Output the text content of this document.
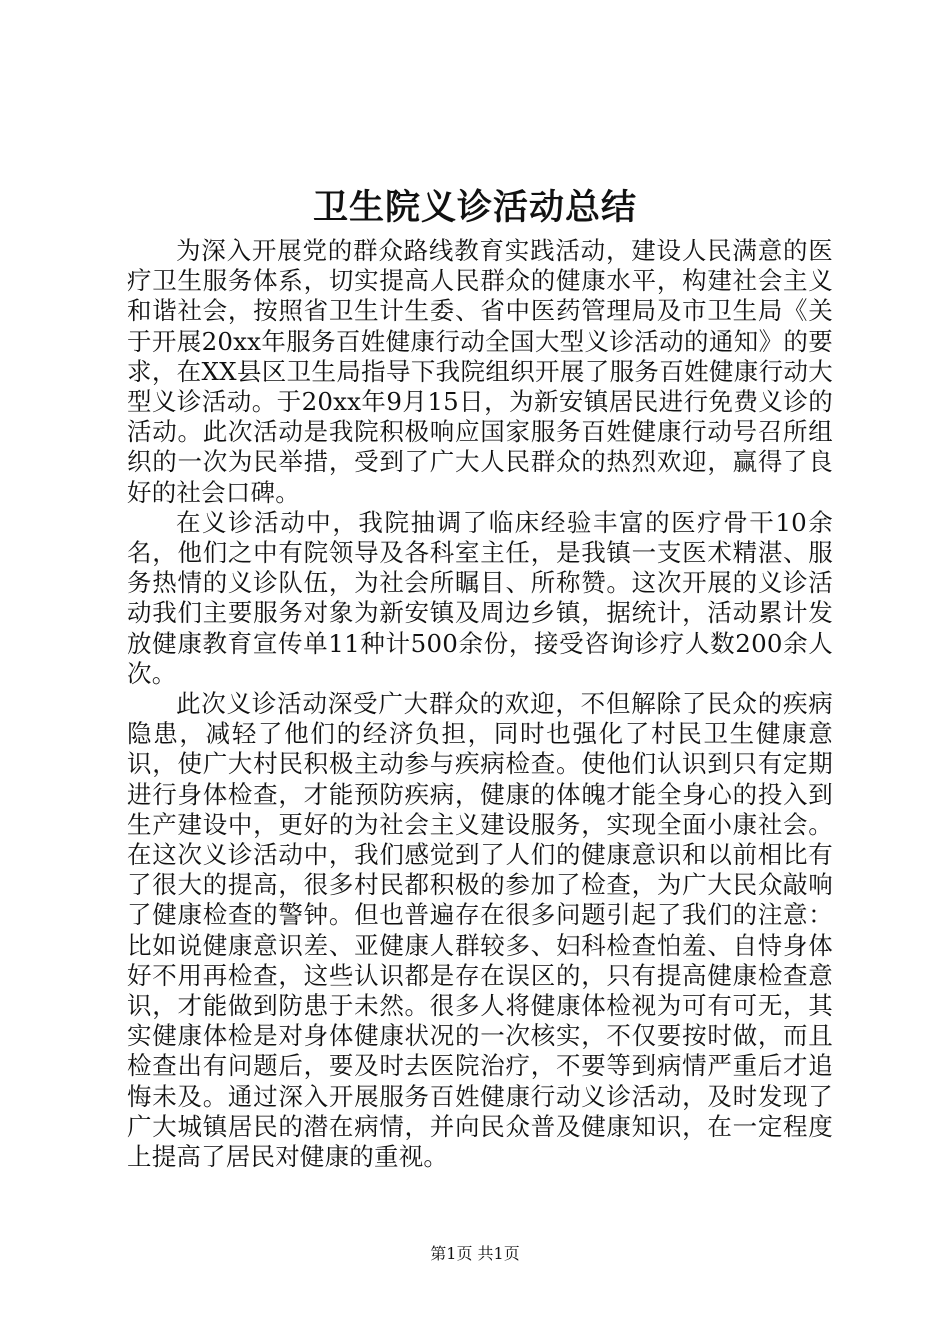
卫生院义诊活动总结

为深入开展党的群众路线教育实践活动，建设人民满意的医疗卫生服务体系，切实提高人民群众的健康水平，构建社会主义和谐社会，按照省卫生计生委、省中医药管理局及市卫生局《关于开展20xx年服务百姓健康行动全国大型义诊活动的通知》的要求，在XX县区卫生局指导下我院组织开展了服务百姓健康行动大型义诊活动。于20xx年9月15日，为新安镇居民进行免费义诊的活动。此次活动是我院积极响应国家服务百姓健康行动号召所组织的一次为民举措，受到了广大人民群众的热烈欢迎，赢得了良好的社会口碑。

在义诊活动中，我院抽调了临床经验丰富的医疗骨干10余名，他们之中有院领导及各科室主任，是我镇一支医术精湛、服务热情的义诊队伍，为社会所瞩目、所称赞。这次开展的义诊活动我们主要服务对象为新安镇及周边乡镇，据统计，活动累计发放健康教育宣传单11种计500余份，接受咨询诊疗人数200余人次。

此次义诊活动深受广大群众的欢迎，不但解除了民众的疾病隐患，减轻了他们的经济负担，同时也强化了村民卫生健康意识，使广大村民积极主动参与疾病检查。使他们认识到只有定期进行身体检查，才能预防疾病，健康的体魄才能全身心的投入到生产建设中，更好的为社会主义建设服务，实现全面小康社会。在这次义诊活动中，我们感觉到了人们的健康意识和以前相比有了很大的提高，很多村民都积极的参加了检查，为广大民众敲响了健康检查的警钟。但也普遍存在很多问题引起了我们的注意：比如说健康意识差、亚健康人群较多、妇科检查怕羞、自恃身体好不用再检查，这些认识都是存在误区的，只有提高健康检查意识，才能做到防患于未然。很多人将健康体检视为可有可无，其实健康体检是对身体健康状况的一次核实，不仅要按时做，而且检查出有问题后，要及时去医院治疗，不要等到病情严重后才追悔未及。通过深入开展服务百姓健康行动义诊活动，及时发现了广大城镇居民的潜在病情，并向民众普及健康知识，在一定程度上提高了居民对健康的重视。

第1页 共1页
